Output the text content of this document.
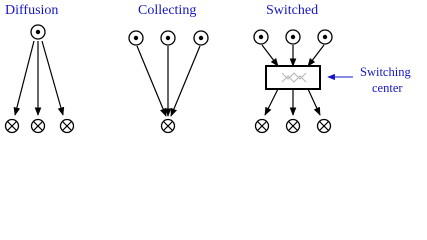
Diffusion	Collecting	Switched
Switching
center
